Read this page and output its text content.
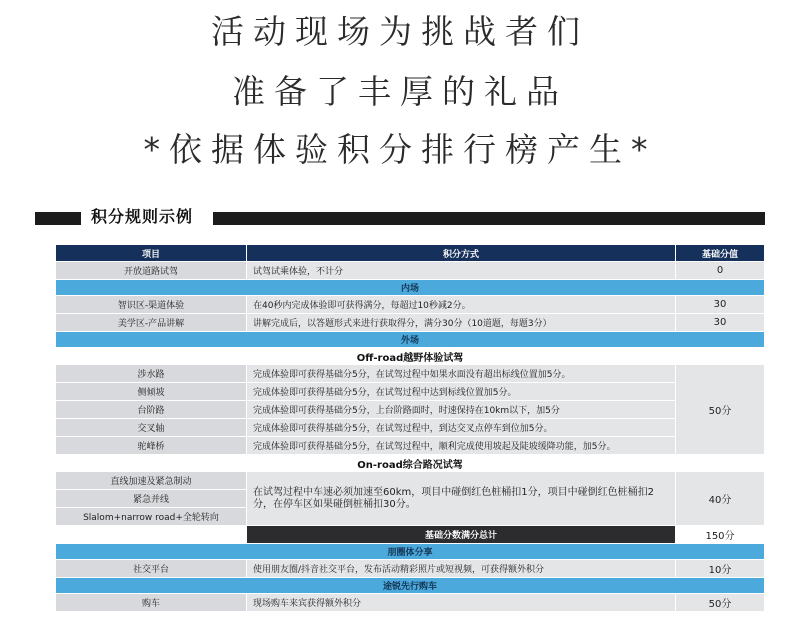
活动现场为挑战者们
准备了丰厚的礼品
*依据体验积分排行榜产生*
积分规则示例
项目	积分方式	基础分值
开放道路试驾	试驾试乘体验，不计分	0
内场		
智识区-渠道体验	在40秒内完成体验即可获得满分，每超过10秒减2分。	30
美学区-产品讲解	讲解完成后，以答题形式来进行获取得分，满分30分（10道题，每题3分）	30
外场		
Off-road越野体验试驾		
涉水路	完成体验即可获得基础分5分，在试驾过程中如果水面没有超出标线位置加5分。	50分
侧倾坡	完成体验即可获得基础分5分，在试驾过程中达到标线位置加5分。	
台阶路	完成体验即可获得基础分5分，上台阶路面时，时速保持在10km以下，加5分	
交叉轴	完成体验即可获得基础分5分，在试驾过程中，到达交叉点停车到位加5分。	
驼峰桥	完成体验即可获得基础分5分，在试驾过程中，顺利完成使用坡起及陡坡缓降功能，加5分。	
On-road综合路况试驾		
直线加速及紧急制动	在试驾过程中车速必须加速至60km，项目中碰倒红色桩桶扣1分，项目中碰倒红色桩桶扣2分，在停车区如果碰倒桩桶扣30分。	40分
紧急并线		
Slalom+narrow road+全轮转向		
	基础分数满分总计	150分
朋圈体分享		
社交平台	使用朋友圈/抖音社交平台，发布活动精彩照片或短视频，可获得额外积分	10分
途锐先行购车		
购车	现场购车来宾获得额外积分	50分
